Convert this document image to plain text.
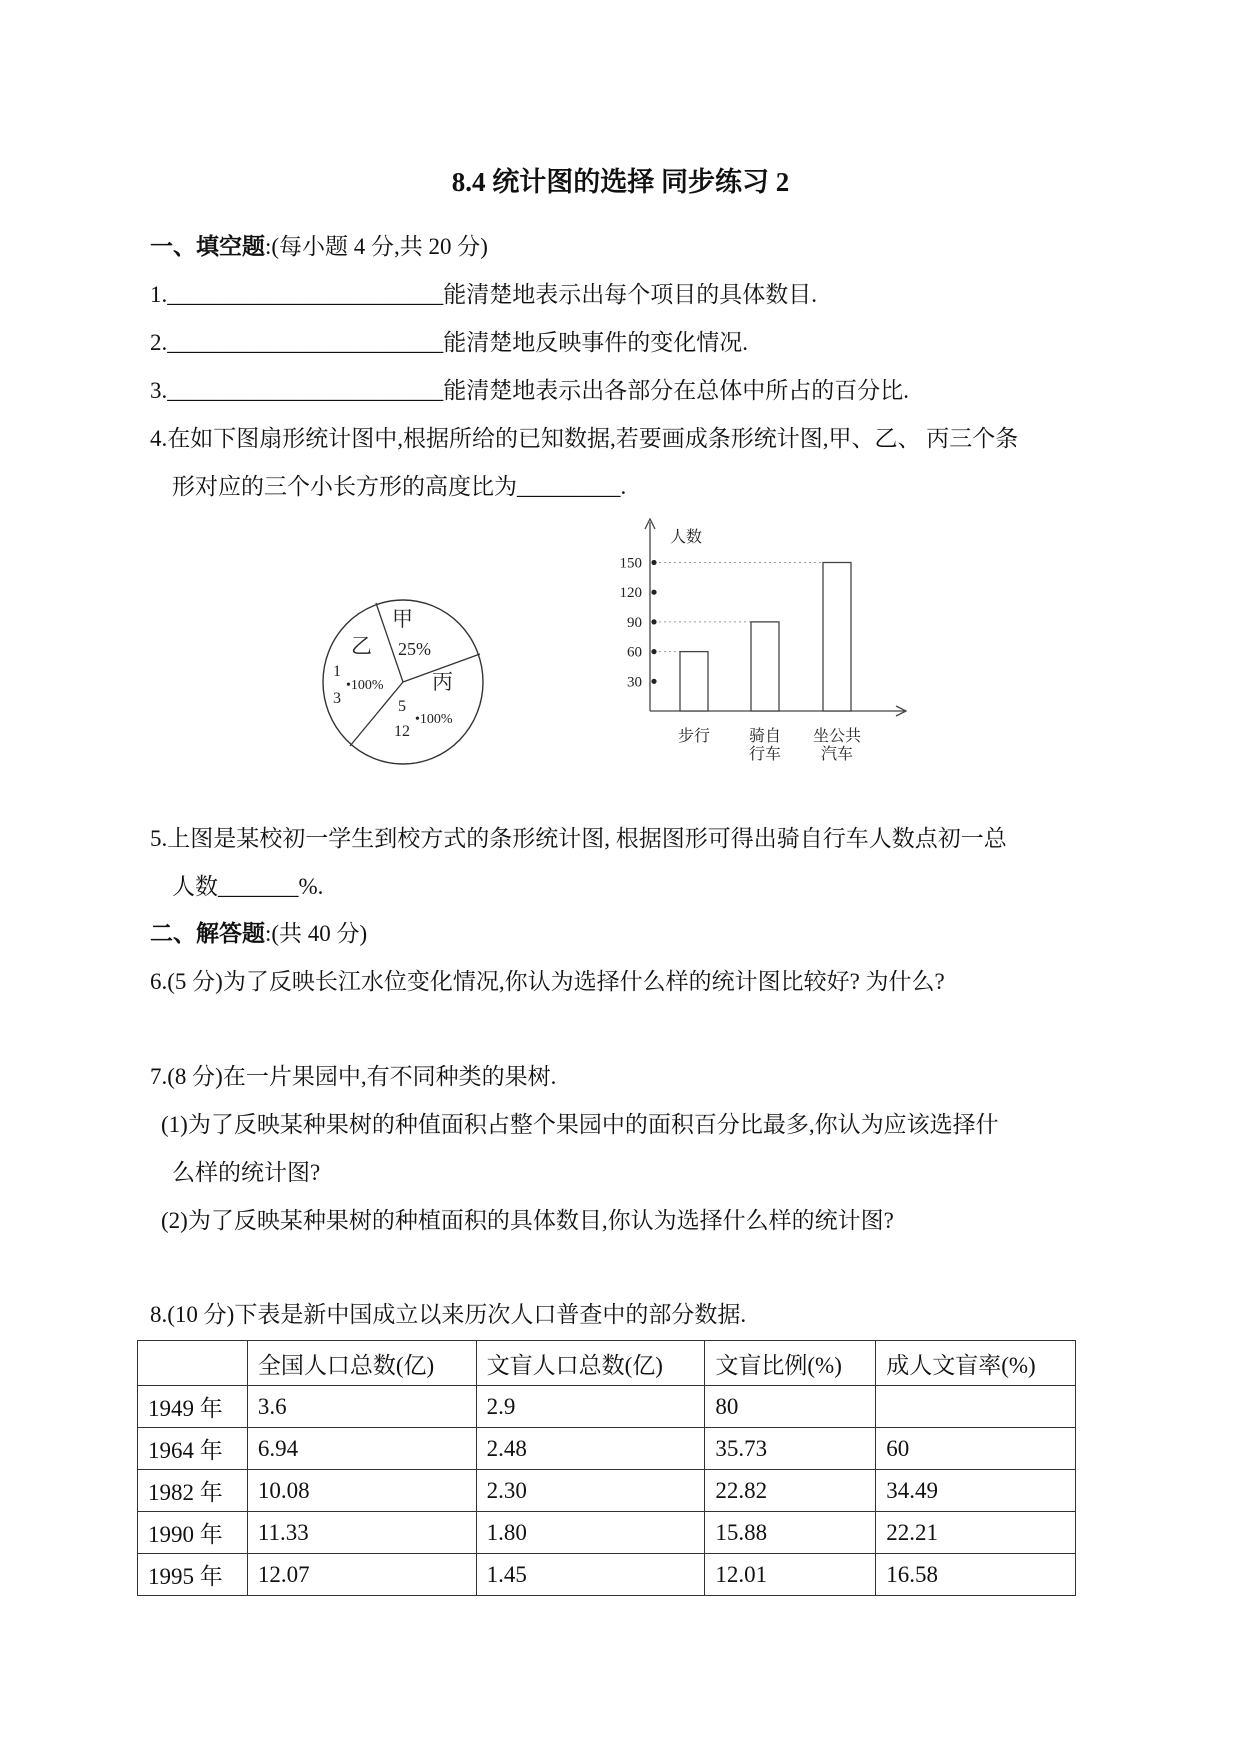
8.4 统计图的选择 同步练习 2
一、填空题:(每小题 4 分,共 20 分)
1.________________________能清楚地表示出每个项目的具体数目.
2.________________________能清楚地反映事件的变化情况.
3.________________________能清楚地表示出各部分在总体中所占的百分比.
4.在如下图扇形统计图中,根据所给的已知数据,若要画成条形统计图,甲、乙、 丙三个条
形对应的三个小长方形的高度比为_________.
甲
25%
乙
1
3
•100% 丙
5
12
•100%
人数
30
60
90
120
150
步行 骑自
行车
坐公共
汽车
5.上图是某校初一学生到校方式的条形统计图, 根据图形可得出骑自行车人数点初一总
人数_______%.
二、解答题:(共 40 分)
6.(5 分)为了反映长江水位变化情况,你认为选择什么样的统计图比较好? 为什么?
7.(8 分)在一片果园中,有不同种类的果树.
(1)为了反映某种果树的种值面积占整个果园中的面积百分比最多,你认为应该选择什
么样的统计图?
(2)为了反映某种果树的种植面积的具体数目,你认为选择什么样的统计图?
8.(10 分)下表是新中国成立以来历次人口普查中的部分数据.
	全国人口总数(亿)	文盲人口总数(亿)	文盲比例(%)	成人文盲率(%)
1949 年	3.6	2.9	80	
1964 年	6.94	2.48	35.73	60
1982 年	10.08	2.30	22.82	34.49
1990 年	11.33	1.80	15.88	22.21
1995 年	12.07	1.45	12.01	16.58
